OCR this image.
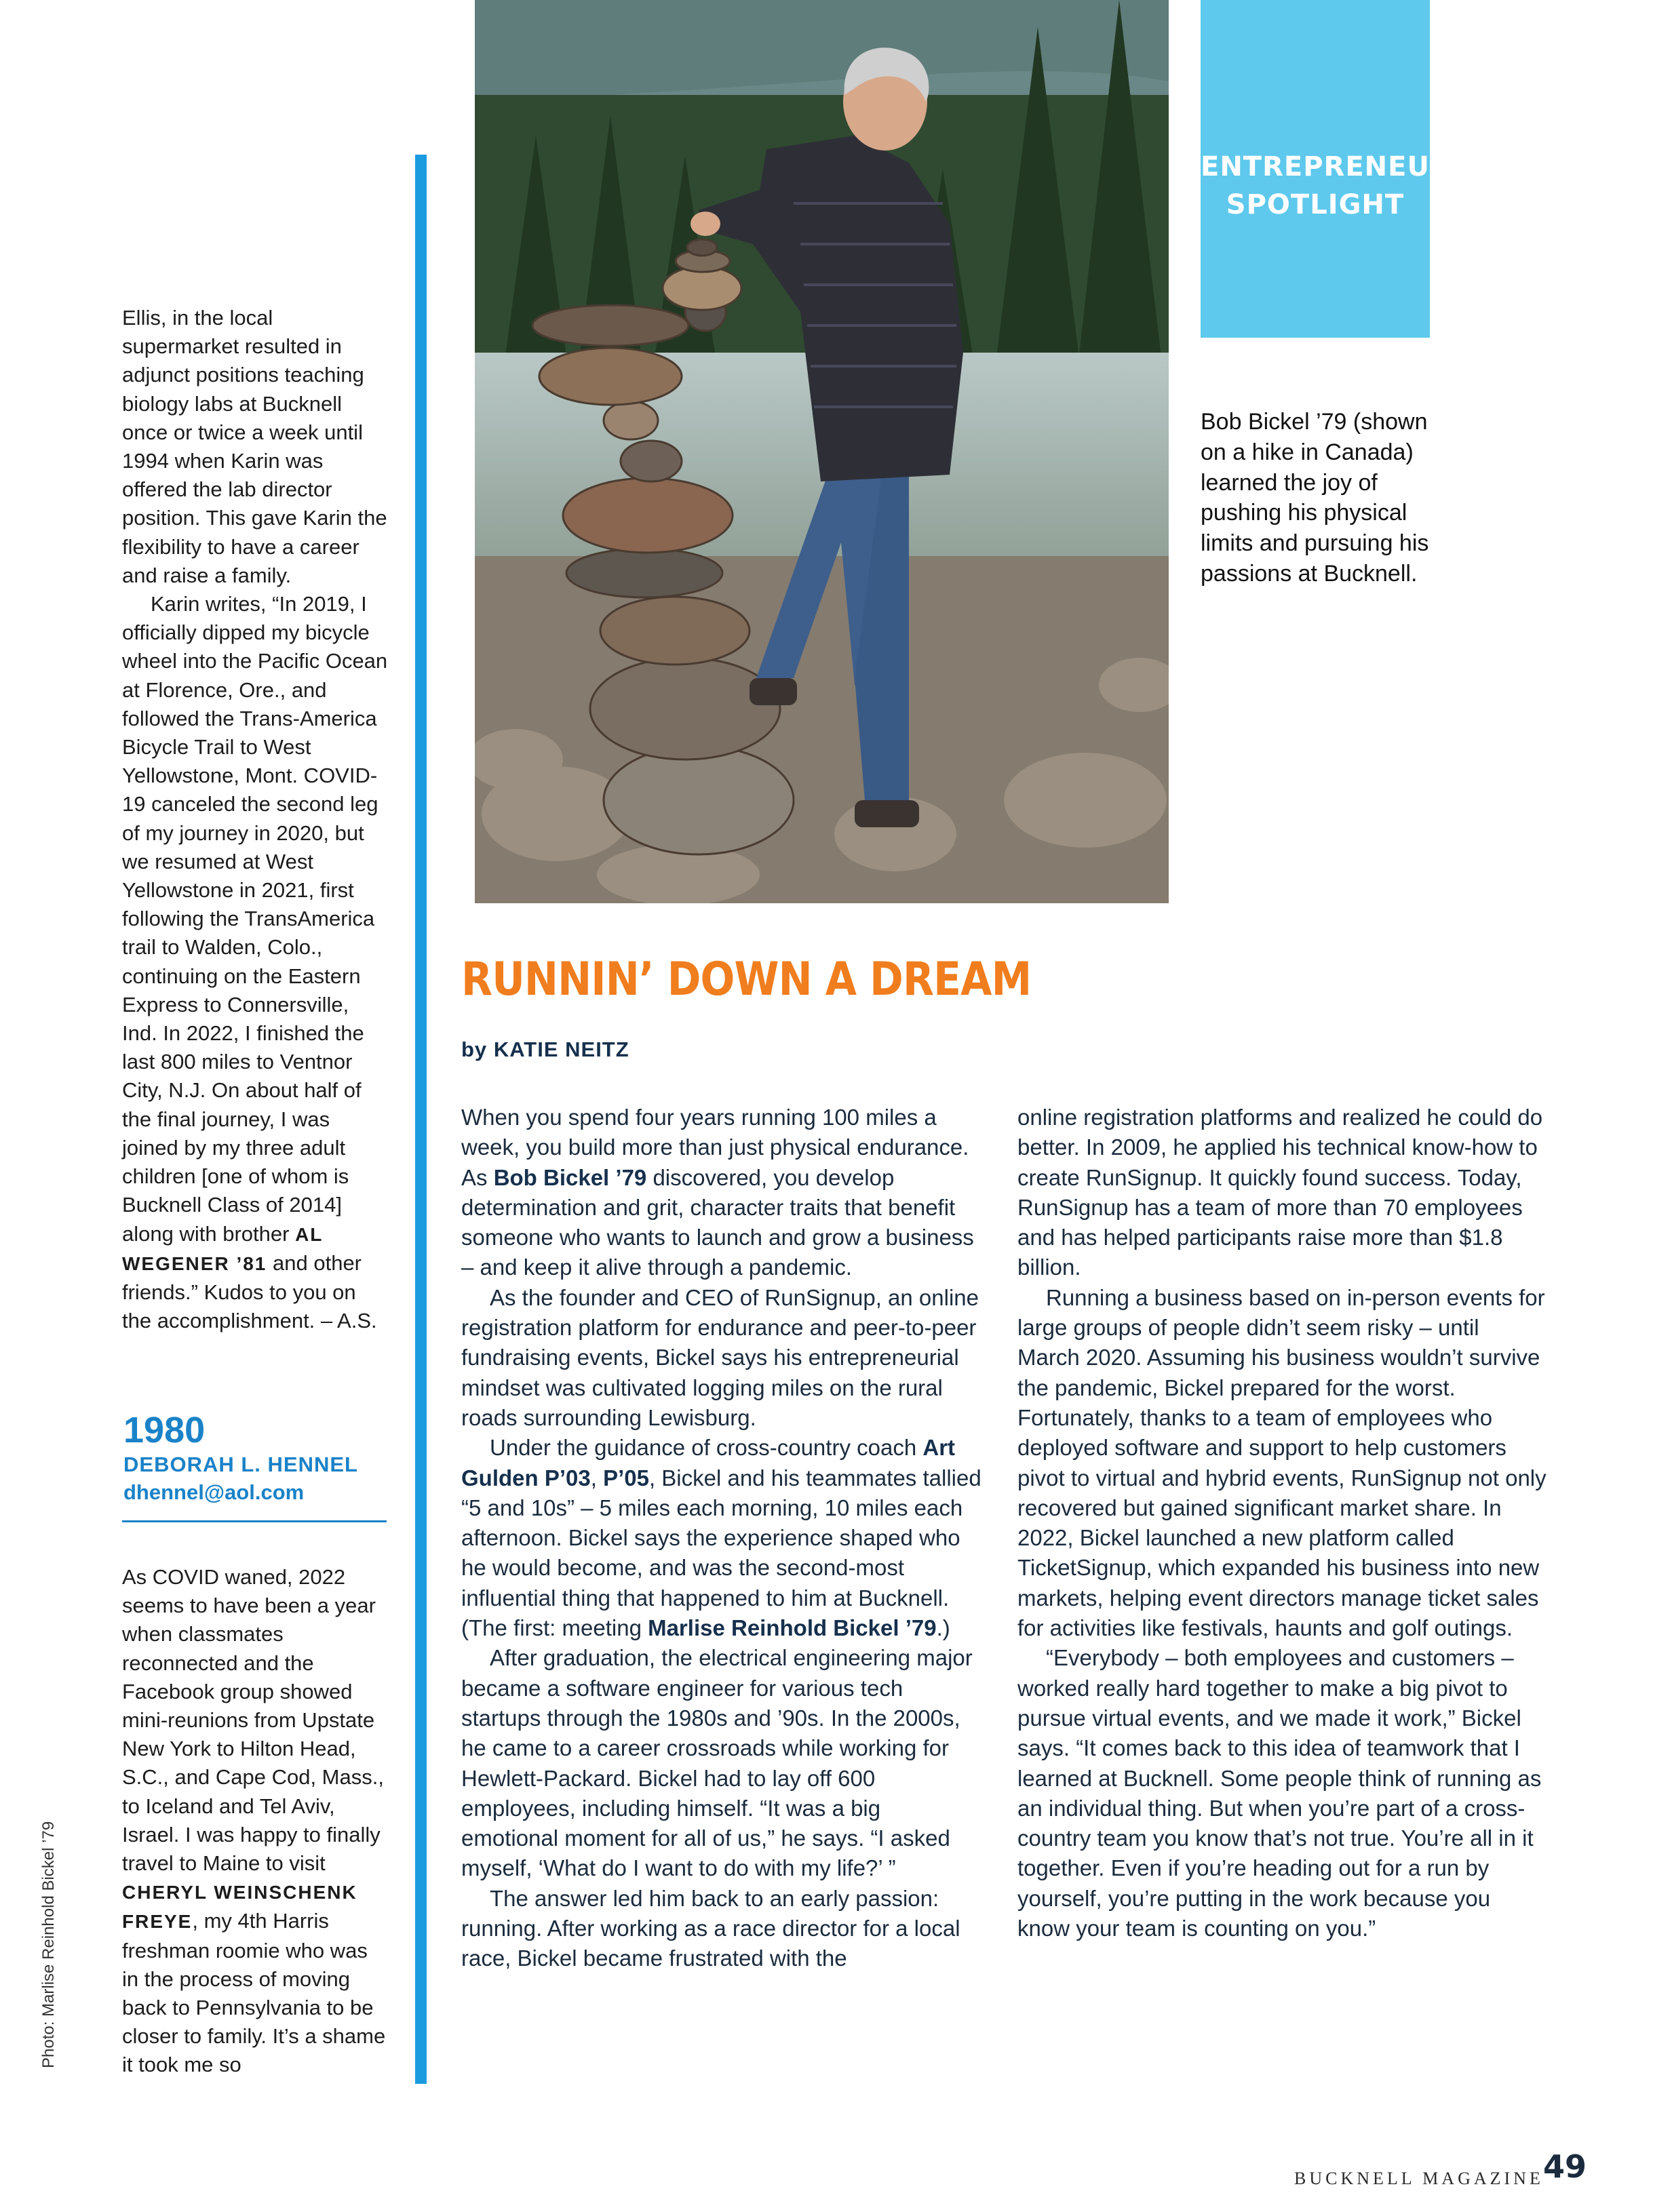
Ellis, in the local supermarket resulted in adjunct positions teaching biology labs at Bucknell once or twice a week until 1994 when Karin was offered the lab director position. This gave Karin the flexibility to have a career and raise a family.

Karin writes, “In 2019, I officially dipped my bicycle wheel into the Pacific Ocean at Florence, Ore., and followed the Trans-America Bicycle Trail to West Yellowstone, Mont. COVID-19 canceled the second leg of my journey in 2020, but we resumed at West Yellowstone in 2021, first following the TransAmerica trail to Walden, Colo., continuing on the Eastern Express to Connersville, Ind. In 2022, I finished the last 800 miles to Ventnor City, N.J. On about half of the final journey, I was joined by my three adult children [one of whom is Bucknell Class of 2014] along with brother AL WEGENER ’81 and other friends.” Kudos to you on the accomplishment. – A.S.

1980
DEBORAH L. HENNEL
dhennel@aol.com

As COVID waned, 2022 seems to have been a year when classmates reconnected and the Facebook group showed mini-reunions from Upstate New York to Hilton Head, S.C., and Cape Cod, Mass., to Iceland and Tel Aviv, Israel. I was happy to finally travel to Maine to visit CHERYL WEINSCHENK FREYE, my 4th Harris freshman roomie who was in the process of moving back to Pennsylvania to be closer to family. It’s a shame it took me so

Photo: Marlise Reinhold Bickel ’79
ENTREPRENEUR
SPOTLIGHT
Bob Bickel ’79 (shown on a hike in Canada) learned the joy of pushing his physical limits and pursuing his passions at Bucknell.
RUNNIN’ DOWN A DREAM
by KATIE NEITZ

When you spend four years running 100 miles a week, you build more than just physical endurance. As Bob Bickel ’79 discovered, you develop determination and grit, character traits that benefit someone who wants to launch and grow a business – and keep it alive through a pandemic.

As the founder and CEO of RunSignup, an online registration platform for endurance and peer-to-peer fundraising events, Bickel says his entrepreneurial mindset was cultivated logging miles on the rural roads surrounding Lewisburg.

Under the guidance of cross-country coach Art Gulden P’03, P’05, Bickel and his teammates tallied “5 and 10s” – 5 miles each morning, 10 miles each afternoon. Bickel says the experience shaped who he would become, and was the second-most influential thing that happened to him at Bucknell. (The first: meeting Marlise Reinhold Bickel ’79.)

After graduation, the electrical engineering major became a software engineer for various tech startups through the 1980s and ’90s. In the 2000s, he came to a career crossroads while working for Hewlett-Packard. Bickel had to lay off 600 employees, including himself. “It was a big emotional moment for all of us,” he says. “I asked myself, ‘What do I want to do with my life?’ ”

The answer led him back to an early passion: running. After working as a race director for a local race, Bickel became frustrated with the

online registration platforms and realized he could do better. In 2009, he applied his technical know-how to create RunSignup. It quickly found success. Today, RunSignup has a team of more than 70 employees and has helped participants raise more than $1.8 billion.

Running a business based on in-person events for large groups of people didn’t seem risky – until March 2020. Assuming his business wouldn’t survive the pandemic, Bickel prepared for the worst. Fortunately, thanks to a team of employees who deployed software and support to help customers pivot to virtual and hybrid events, RunSignup not only recovered but gained significant market share. In 2022, Bickel launched a new platform called TicketSignup, which expanded his business into new markets, helping event directors manage ticket sales for activities like festivals, haunts and golf outings.

“Everybody – both employees and customers – worked really hard together to make a big pivot to pursue virtual events, and we made it work,” Bickel says. “It comes back to this idea of teamwork that I learned at Bucknell. Some people think of running as an individual thing. But when you’re part of a cross-country team you know that’s not true. You’re all in it together. Even if you’re heading out for a run by yourself, you’re putting in the work because you know your team is counting on you.”

BUCKNELL MAGAZINE 49
